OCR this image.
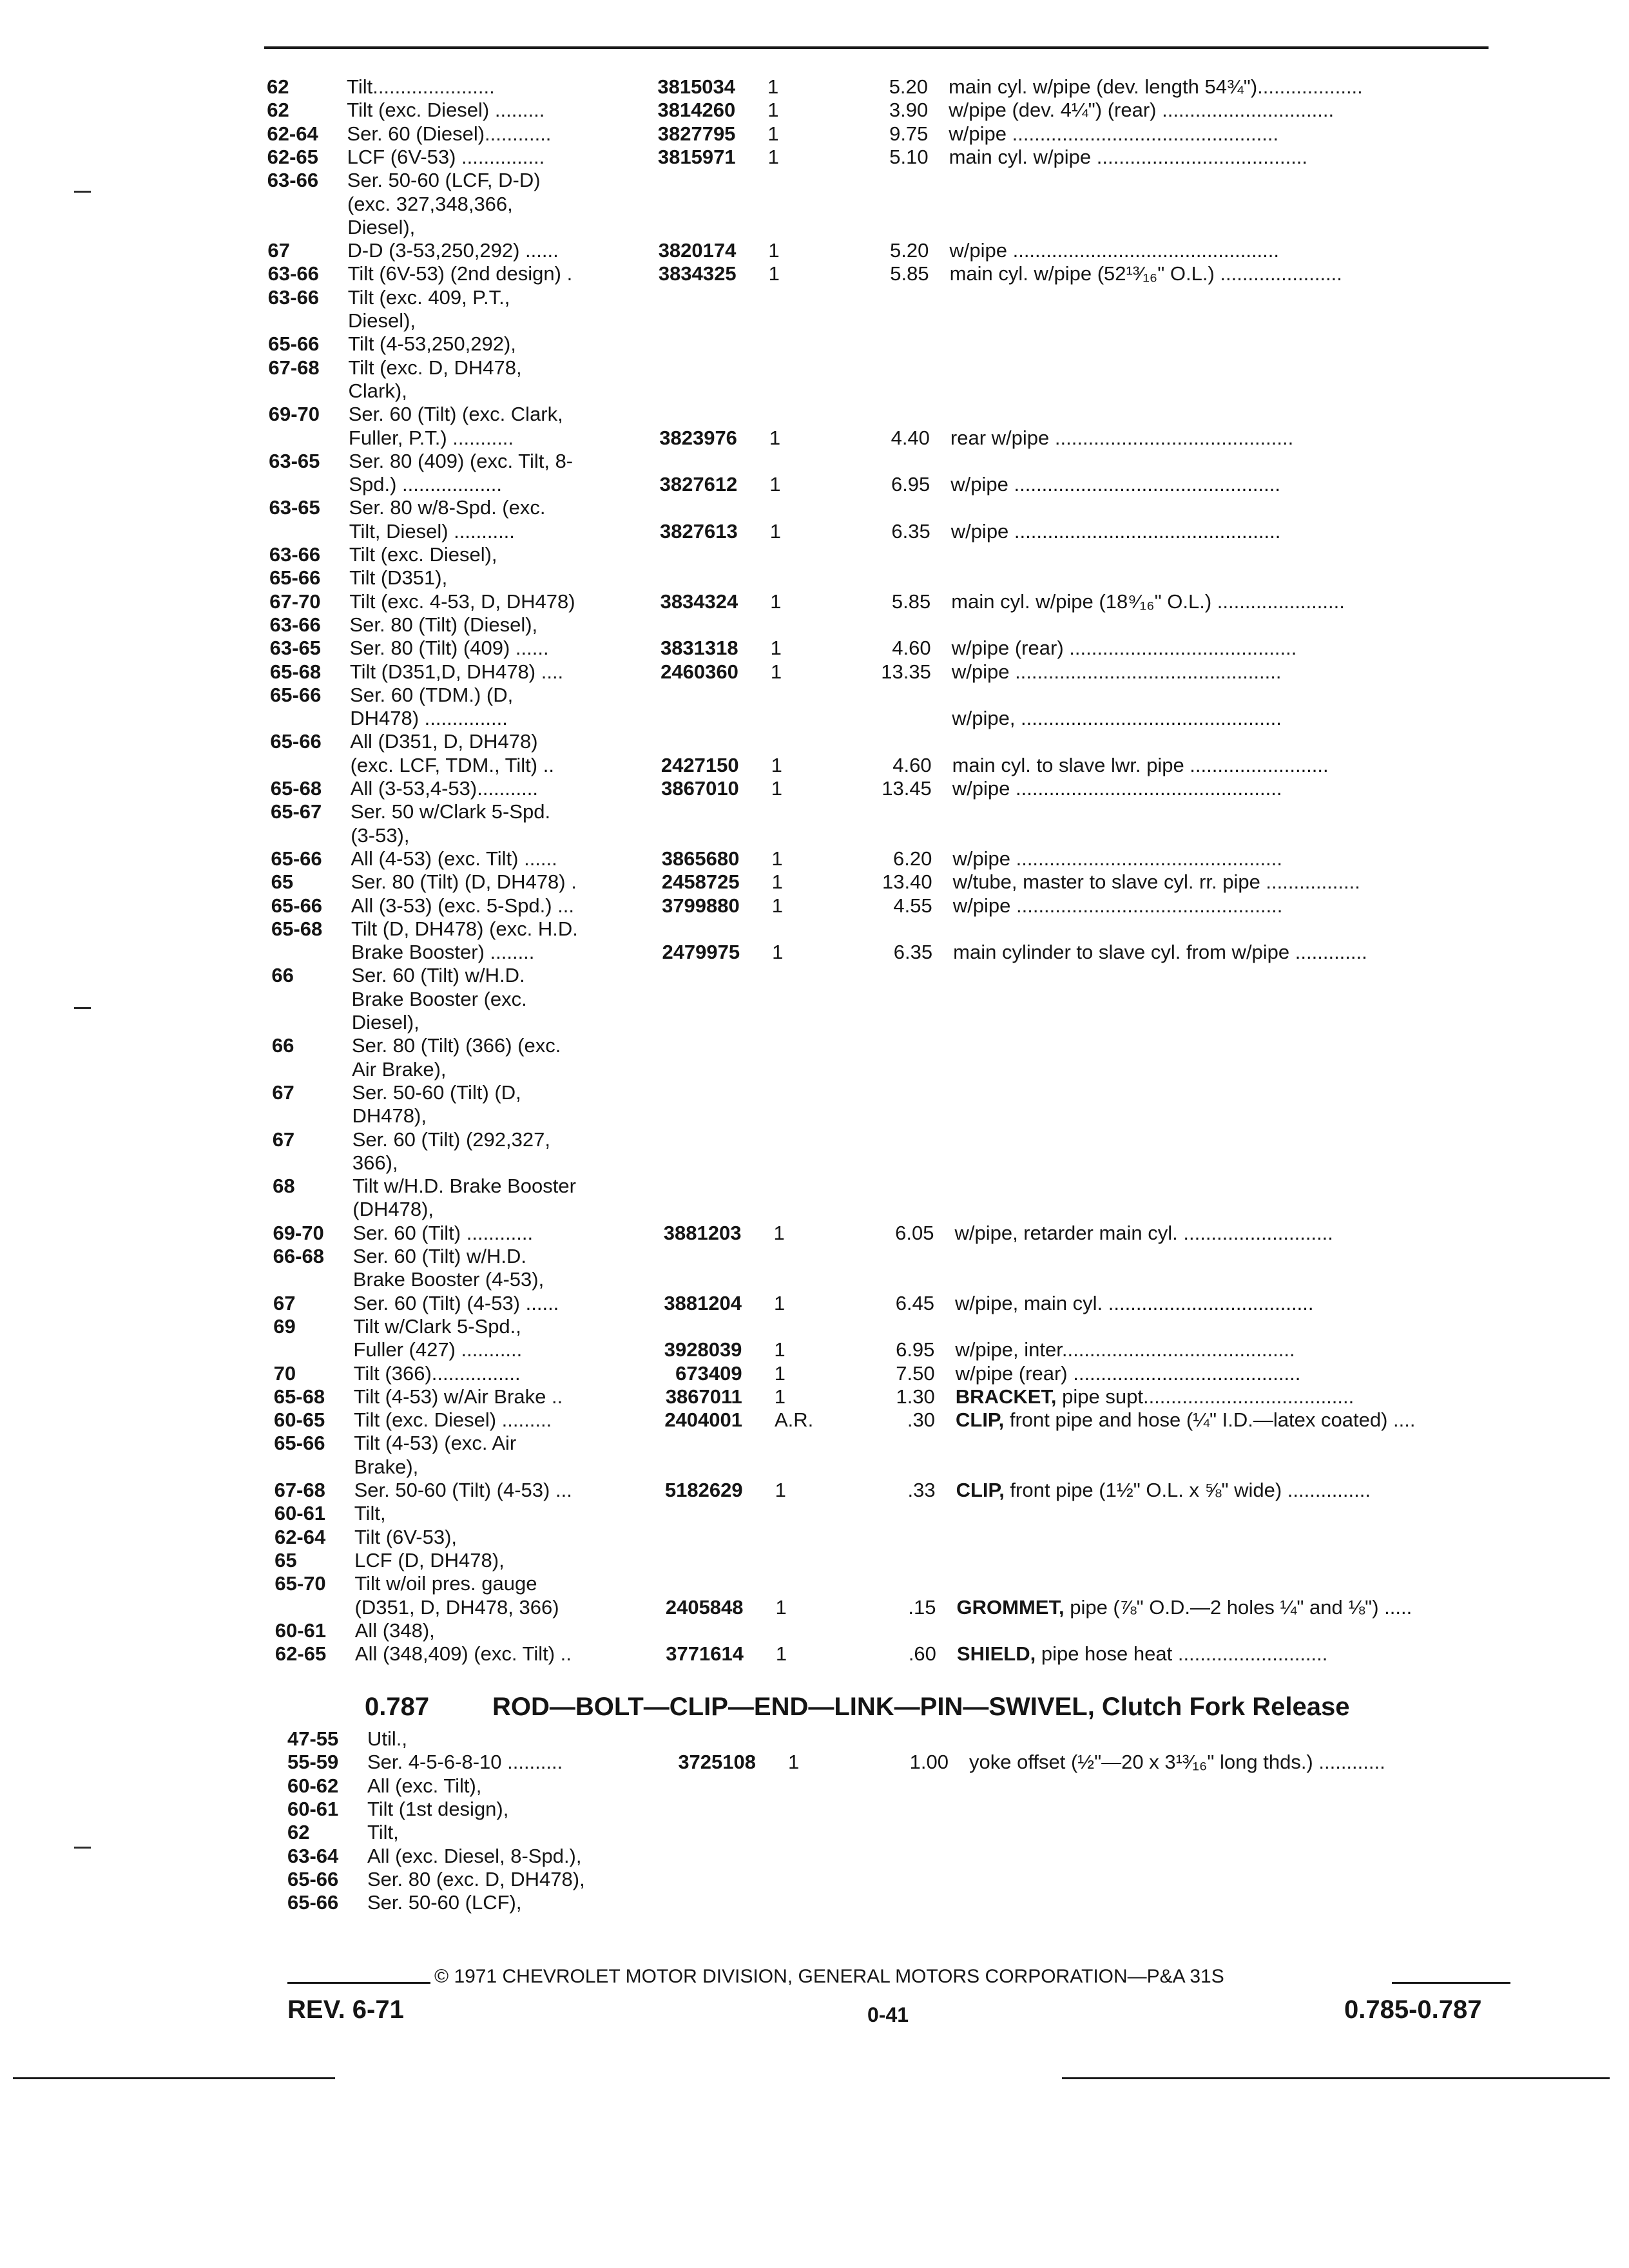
62	Tilt......................	3815034 1	5.20 main cyl. w/pipe (dev. length 54¾")...................
62	Tilt (exc. Diesel) .........	3814260 1	3.90 w/pipe (dev. 4¼") (rear) ...............................
62-64 Ser. 60 (Diesel)............	3827795 1	9.75 w/pipe ................................................
62-65 LCF (6V-53) ...............	3815971 1	5.10 main cyl. w/pipe ......................................
63-66 Ser. 50-60 (LCF, D-D)
(exc. 327,348,366,
Diesel),
67	D-D (3-53,250,292) ......	3820174 1	5.20 w/pipe ................................................
63-66 Tilt (6V-53) (2nd design) .	3834325 1	5.85 main cyl. w/pipe (52¹³⁄₁₆" O.L.) ......................
63-66 Tilt (exc. 409, P.T.,
Diesel),
65-66 Tilt (4-53,250,292),
67-68 Tilt (exc. D, DH478,
Clark),
69-70 Ser. 60 (Tilt) (exc. Clark,
Fuller, P.T.) ...........	3823976 1	4.40 rear w/pipe ...........................................
63-65 Ser. 80 (409) (exc. Tilt, 8-
Spd.) ..................	3827612 1	6.95 w/pipe ................................................
63-65 Ser. 80 w/8-Spd. (exc.
Tilt, Diesel) ...........	3827613 1	6.35 w/pipe ................................................
63-66 Tilt (exc. Diesel),
65-66 Tilt (D351),
67-70 Tilt (exc. 4-53, D, DH478)	3834324 1	5.85 main cyl. w/pipe (18⁹⁄₁₆" O.L.) .......................
63-66 Ser. 80 (Tilt) (Diesel),
63-65 Ser. 80 (Tilt) (409) ......	3831318 1	4.60 w/pipe (rear) .........................................
65-68 Tilt (D351,D, DH478) ....	2460360 1	13.35 w/pipe ................................................
65-66 Ser. 60 (TDM.) (D,
DH478) ...............	w/pipe, ...............................................
65-66 All (D351, D, DH478)
(exc. LCF, TDM., Tilt) ..	2427150 1	4.60 main cyl. to slave lwr. pipe .........................
65-68 All (3-53,4-53)...........	3867010 1	13.45 w/pipe ................................................
65-67 Ser. 50 w/Clark 5-Spd.
(3-53),
65-66 All (4-53) (exc. Tilt) ......	3865680 1	6.20 w/pipe ................................................
65	Ser. 80 (Tilt) (D, DH478) .	2458725 1	13.40 w/tube, master to slave cyl. rr. pipe .................
65-66 All (3-53) (exc. 5-Spd.) ...	3799880 1	4.55 w/pipe ................................................
65-68 Tilt (D, DH478) (exc. H.D.
Brake Booster) ........	2479975 1	6.35 main cylinder to slave cyl. from w/pipe .............
66	Ser. 60 (Tilt) w/H.D.
Brake Booster (exc.
Diesel),
66	Ser. 80 (Tilt) (366) (exc.
Air Brake),
67	Ser. 50-60 (Tilt) (D,
DH478),
67	Ser. 60 (Tilt) (292,327,
366),
68	Tilt w/H.D. Brake Booster
(DH478),
69-70 Ser. 60 (Tilt) ............	3881203 1	6.05 w/pipe, retarder main cyl. ...........................
66-68 Ser. 60 (Tilt) w/H.D.
Brake Booster (4-53),
67	Ser. 60 (Tilt) (4-53) ......	3881204 1	6.45 w/pipe, main cyl. .....................................
69	Tilt w/Clark 5-Spd.,
Fuller (427) ...........	3928039 1	6.95 w/pipe, inter..........................................
70	Tilt (366)................	673409 1	7.50 w/pipe (rear) .........................................
65-68 Tilt (4-53) w/Air Brake ..	3867011 1	1.30 BRACKET, pipe supt......................................
60-65 Tilt (exc. Diesel) .........	2404001 A.R.	.30 CLIP, front pipe and hose (¼" I.D.—latex coated) ....
65-66 Tilt (4-53) (exc. Air
Brake),
67-68 Ser. 50-60 (Tilt) (4-53) ...	5182629 1	.33 CLIP, front pipe (1½" O.L. x ⅝" wide) ...............
60-61 Tilt,
62-64 Tilt (6V-53),
65	LCF (D, DH478),
65-70 Tilt w/oil pres. gauge
(D351, D, DH478, 366)	2405848 1	.15 GROMMET, pipe (⅞" O.D.—2 holes ¼" and ⅛") .....
60-61 All (348),
62-65 All (348,409) (exc. Tilt) ..	3771614 1	.60 SHIELD, pipe hose heat ...........................
0.787 ROD—BOLT—CLIP—END—LINK—PIN—SWIVEL, Clutch Fork Release
47-55 Util.,
55-59 Ser. 4-5-6-8-10 ..........	3725108 1	1.00 yoke offset (½"—20 x 3¹³⁄₁₆" long thds.) ............
60-62 All (exc. Tilt),
60-61 Tilt (1st design),
62	Tilt,
63-64 All (exc. Diesel, 8-Spd.),
65-66 Ser. 80 (exc. D, DH478),
65-66 Ser. 50-60 (LCF),
© 1971 CHEVROLET MOTOR DIVISION, GENERAL MOTORS CORPORATION—P&A 31S
REV. 6-71	0-41	0.785-0.787
